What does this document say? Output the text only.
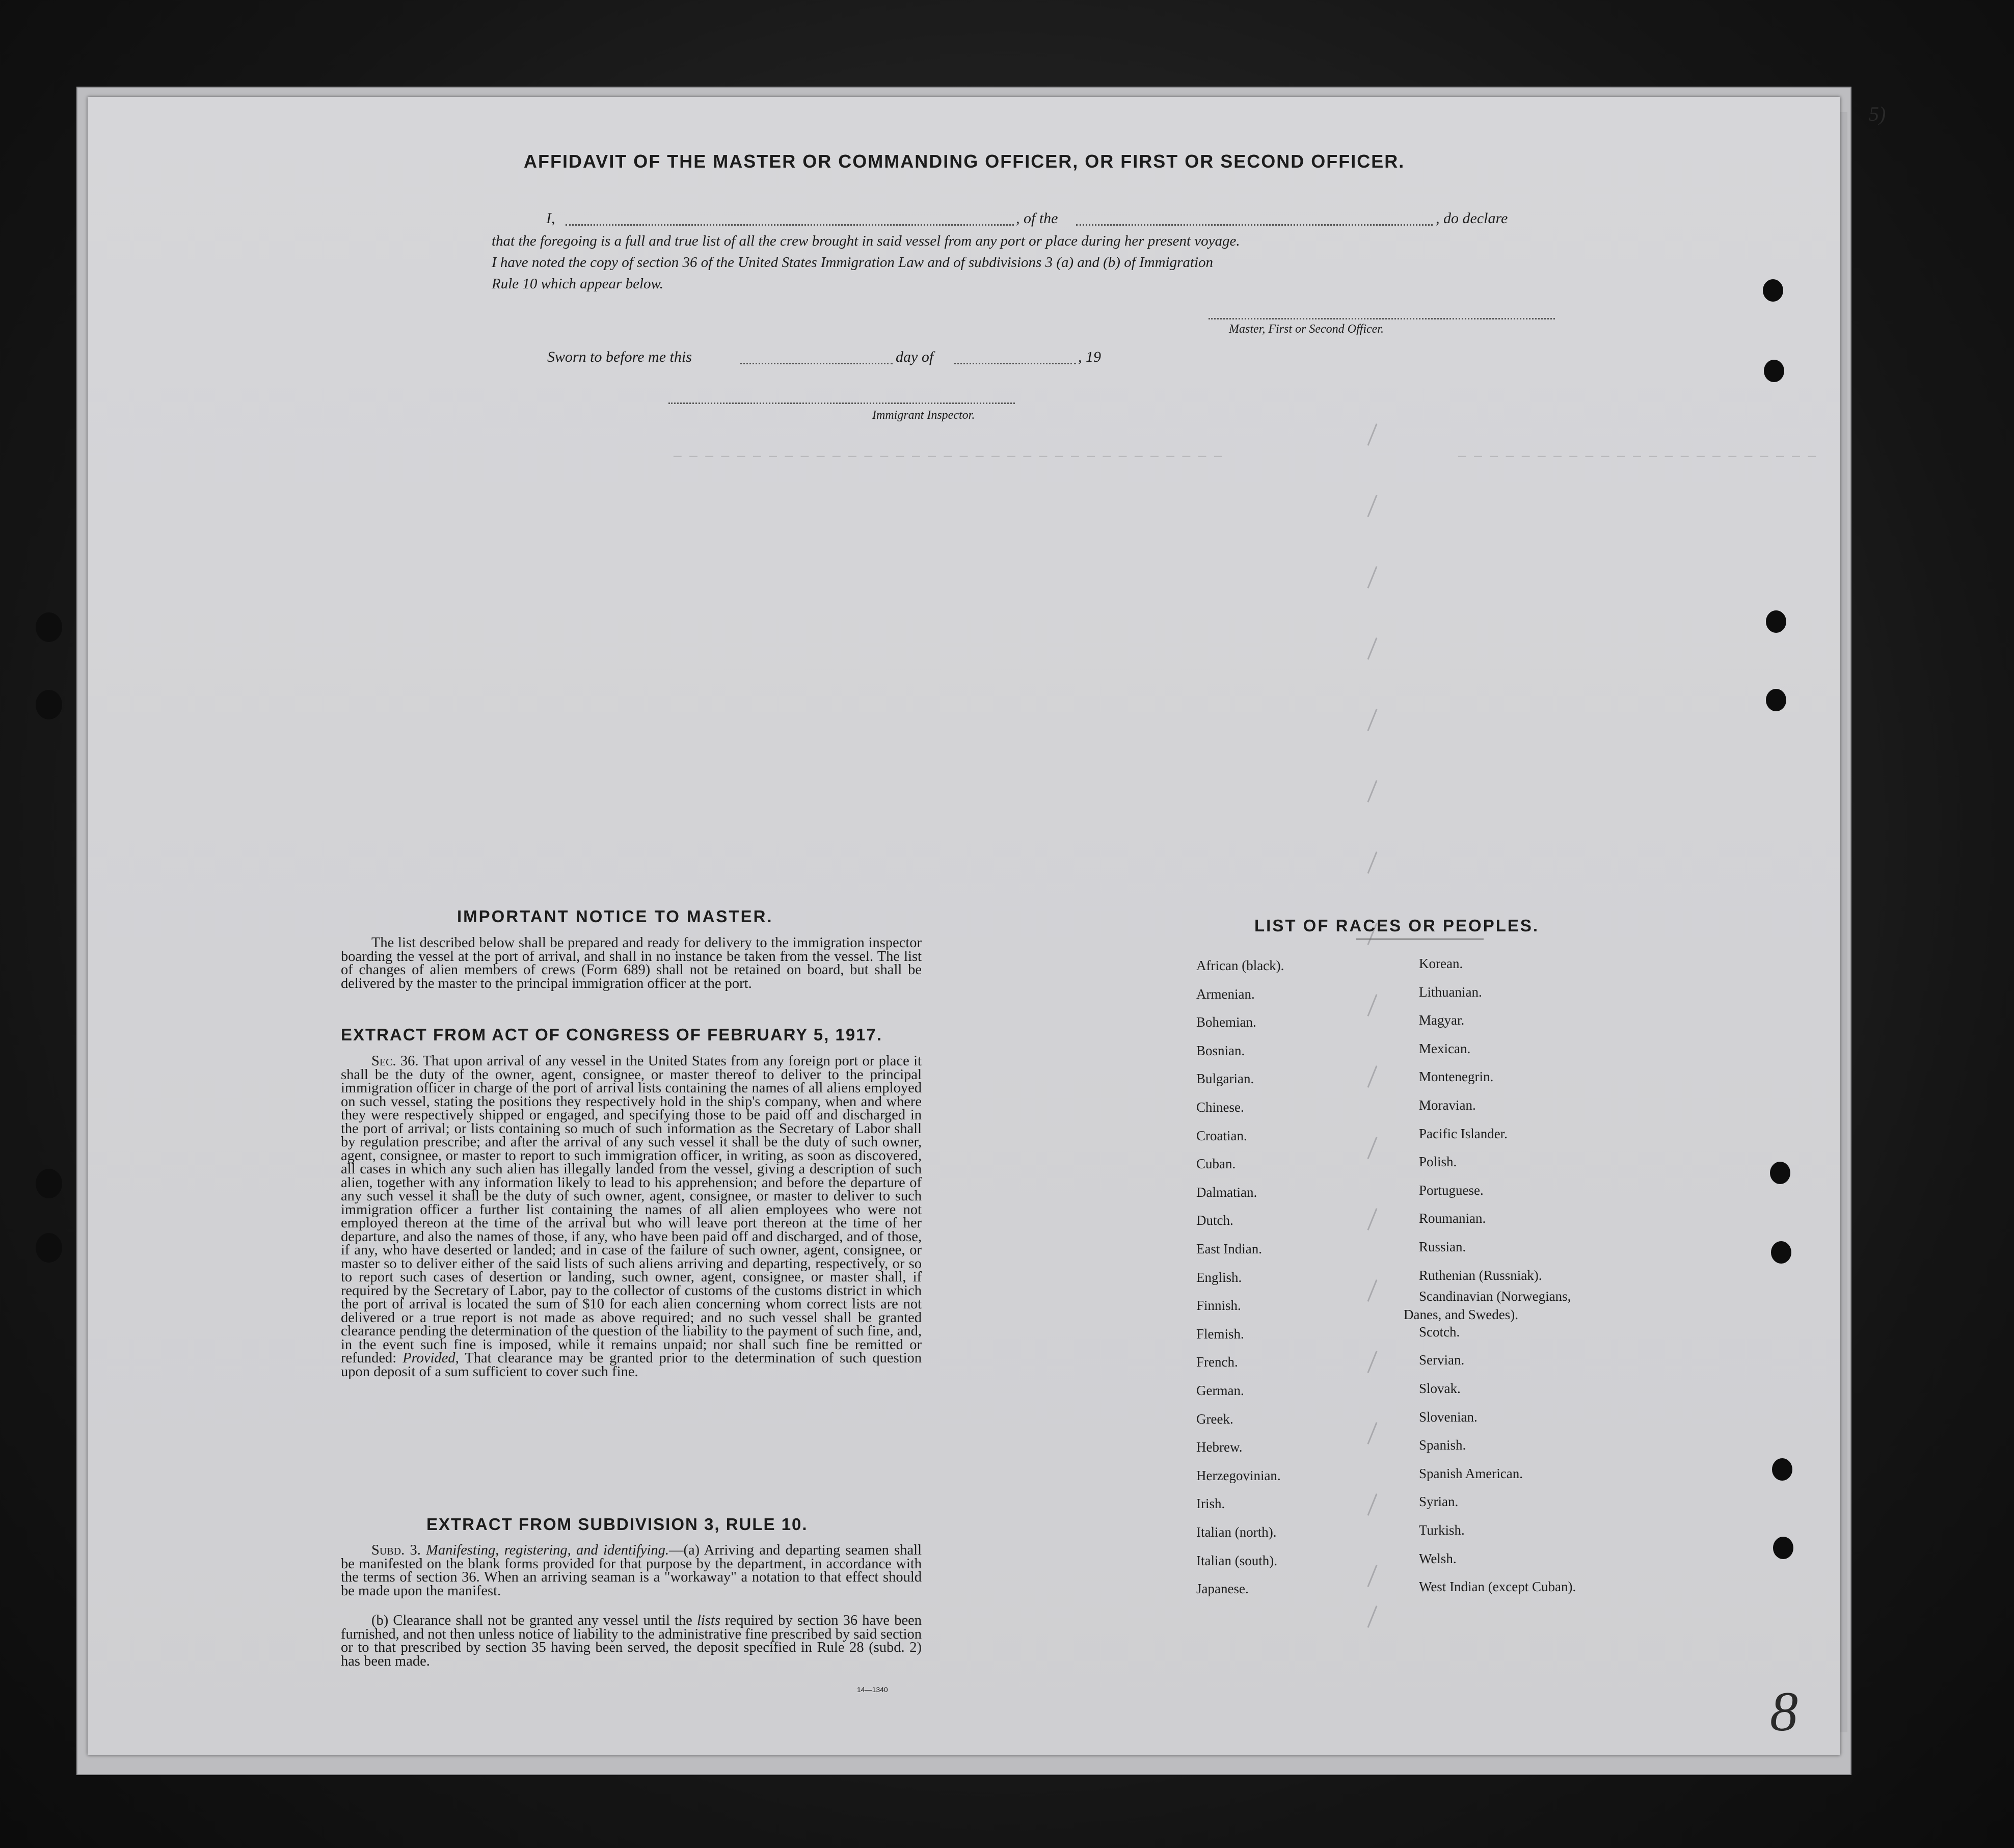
— — — — — — — — — — — — — — — — — — — — — — — — — — — — — — — — — — —	— — — — — — — — — — — — — — — — — — — — — — —
AFFIDAVIT OF THE MASTER OR COMMANDING OFFICER, OR FIRST OR SECOND OFFICER.
I,	, of the	, do declare
that the foregoing is a full and true list of all the crew brought in said vessel from any port or place during her present voyage.
I have noted the copy of section 36 of the United States Immigration Law and of subdivisions 3 (a) and (b) of Immigration
Rule 10 which appear below.
Master, First or Second Officer.
Sworn to before me this	day of	, 19
Immigrant Inspector.
IMPORTANT NOTICE TO MASTER.
The list described below shall be prepared and ready for delivery to the immigration inspector boarding the vessel at the port of arrival, and shall in no instance be taken from the vessel. The list of changes of alien members of crews (Form 689) shall not be retained on board, but shall be delivered by the master to the principal immigration officer at the port.
EXTRACT FROM ACT OF CONGRESS OF FEBRUARY 5, 1917.
Sec. 36. That upon arrival of any vessel in the United States from any foreign port or place it shall be the duty of the owner, agent, consignee, or master thereof to deliver to the principal immigration officer in charge of the port of arrival lists containing the names of all aliens employed on such vessel, stating the positions they respectively hold in the ship's company, when and where they were respectively shipped or engaged, and specifying those to be paid off and discharged in the port of arrival; or lists containing so much of such information as the Secretary of Labor shall by regulation prescribe; and after the arrival of any such vessel it shall be the duty of such owner, agent, consignee, or master to report to such immigration officer, in writing, as soon as discovered, all cases in which any such alien has illegally landed from the vessel, giving a description of such alien, together with any information likely to lead to his apprehension; and before the departure of any such vessel it shall be the duty of such owner, agent, consignee, or master to deliver to such immigration officer a further list containing the names of all alien employees who were not employed thereon at the time of the arrival but who will leave port thereon at the time of her departure, and also the names of those, if any, who have been paid off and discharged, and of those, if any, who have deserted or landed; and in case of the failure of such owner, agent, consignee, or master so to deliver either of the said lists of such aliens arriving and departing, respectively, or so to report such cases of desertion or landing, such owner, agent, consignee, or master shall, if required by the Secretary of Labor, pay to the collector of customs of the customs district in which the port of arrival is located the sum of $10 for each alien concerning whom correct lists are not delivered or a true report is not made as above required; and no such vessel shall be granted clearance pending the determination of the question of the liability to the payment of such fine, and, in the event such fine is imposed, while it remains unpaid; nor shall such fine be remitted or refunded: Provided, That clearance may be granted prior to the determination of such question upon deposit of a sum sufficient to cover such fine.
EXTRACT FROM SUBDIVISION 3, RULE 10.
Subd. 3. Manifesting, registering, and identifying.—(a) Arriving and departing seamen shall be manifested on the blank forms provided for that purpose by the department, in accordance with the terms of section 36. When an arriving seaman is a "workaway" a notation to that effect should be made upon the manifest.
(b) Clearance shall not be granted any vessel until the lists required by section 36 have been furnished, and not then unless notice of liability to the administrative fine prescribed by said section or to that prescribed by section 35 having been served, the deposit specified in Rule 28 (subd. 2) has been made.
14—1340
LIST OF RACES OR PEOPLES.
Danes, and Swedes).
8
5)
African (black).
Armenian.
Bohemian.
Bosnian.
Bulgarian.
Chinese.
Croatian.
Cuban.
Dalmatian.
Dutch.
East Indian.
English.
Finnish.
Flemish.
French.
German.
Greek.
Hebrew.
Herzegovinian.
Irish.
Italian (north).
Italian (south).
Japanese.
Korean.
Lithuanian.
Magyar.
Mexican.
Montenegrin.
Moravian.
Pacific Islander.
Polish.
Portuguese.
Roumanian.
Russian.
Ruthenian (Russniak).
Scandinavian (Norwegians,
Scotch.
Servian.
Slovak.
Slovenian.
Spanish.
Spanish American.
Syrian.
Turkish.
Welsh.
West Indian (except Cuban).
